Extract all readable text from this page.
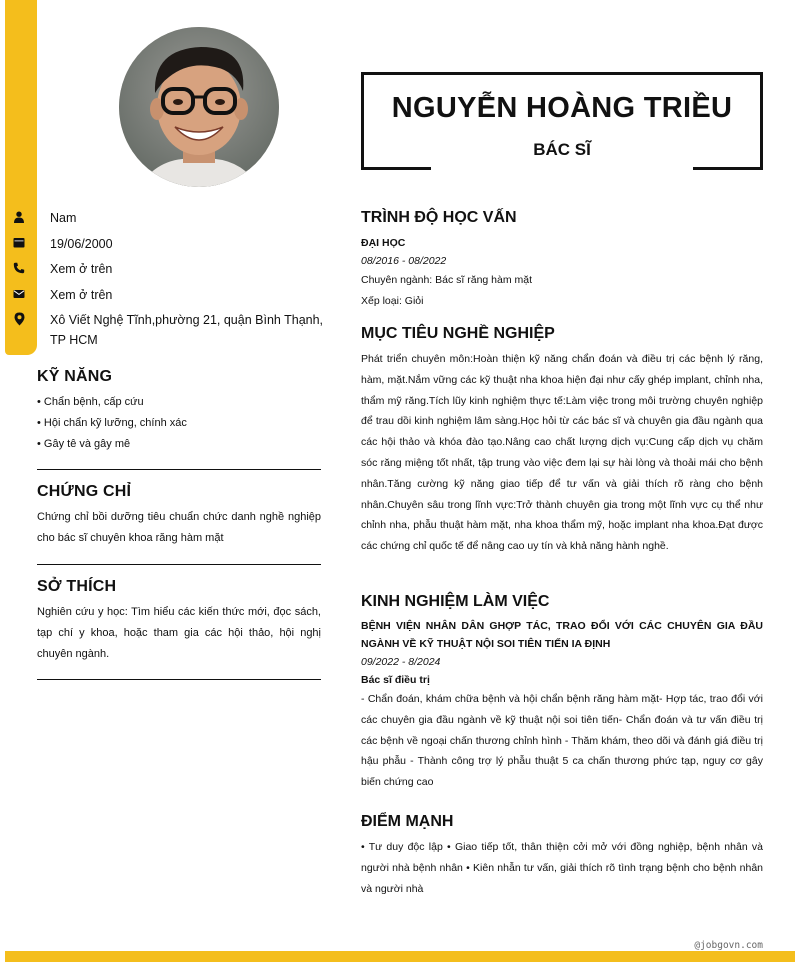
Nam
19/06/2000
Xem ở trên
Xem ở trên
Xô Viết Nghệ Tĩnh,phường 21, quận Bình Thạnh, TP HCM
KỸ NĂNG
• Chẩn bệnh, cấp cứu
• Hội chẩn kỹ lưỡng, chính xác
• Gây tê và gây mê
CHỨNG CHỈ
Chứng chỉ bồi dưỡng tiêu chuẩn chức danh nghề nghiệp cho bác sĩ chuyên khoa răng hàm mặt
SỞ THÍCH
Nghiên cứu y học: Tìm hiểu các kiến thức mới, đọc sách, tạp chí y khoa, hoặc tham gia các hội thảo, hội nghị chuyên ngành.
NGUYỄN HOÀNG TRIỀU
BÁC SĨ
TRÌNH ĐỘ HỌC VẤN
ĐẠI HỌC
08/2016 - 08/2022
Chuyên ngành: Bác sĩ răng hàm mặt
Xếp loại: Giỏi
MỤC TIÊU NGHỀ NGHIỆP
Phát triển chuyên môn:Hoàn thiện kỹ năng chẩn đoán và điều trị các bệnh lý răng, hàm, mặt.Nắm vững các kỹ thuật nha khoa hiện đại như cấy ghép implant, chỉnh nha, thẩm mỹ răng.Tích lũy kinh nghiệm thực tế:Làm việc trong môi trường chuyên nghiệp để trau dồi kinh nghiệm lâm sàng.Học hỏi từ các bác sĩ và chuyên gia đầu ngành qua các hội thảo và khóa đào tạo.Nâng cao chất lượng dịch vụ:Cung cấp dịch vụ chăm sóc răng miệng tốt nhất, tập trung vào việc đem lại sự hài lòng và thoải mái cho bệnh nhân.Tăng cường kỹ năng giao tiếp để tư vấn và giải thích rõ ràng cho bệnh nhân.Chuyên sâu trong lĩnh vực:Trở thành chuyên gia trong một lĩnh vực cụ thể như chỉnh nha, phẫu thuật hàm mặt, nha khoa thẩm mỹ, hoặc implant nha khoa.Đạt được các chứng chỉ quốc tế để nâng cao uy tín và khả năng hành nghề.
KINH NGHIỆM LÀM VIỆC
BỆNH VIỆN NHÂN DÂN GHỢP TÁC, TRAO ĐỔI VỚI CÁC CHUYÊN GIA ĐẦU NGÀNH VỀ KỸ THUẬT NỘI SOI TIÊN TIẾN IA ĐỊNH
09/2022 - 8/2024
Bác sĩ điều trị
- Chẩn đoán, khám chữa bệnh và hội chẩn bệnh răng hàm mặt- Hợp tác, trao đổi với các chuyên gia đầu ngành về kỹ thuật nội soi tiên tiến- Chẩn đoán và tư vấn điều trị các bệnh về ngoại chấn thương chỉnh hình - Thăm khám, theo dõi và đánh giá điều trị hậu phẫu - Thành công trợ lý phẫu thuật 5 ca chấn thương phức tạp, nguy cơ gây biến chứng cao
ĐIỂM MẠNH
• Tư duy độc lập • Giao tiếp tốt, thân thiện cởi mở với đồng nghiệp, bệnh nhân và người nhà bệnh nhân • Kiên nhẫn tư vấn, giải thích rõ tình trạng bệnh cho bệnh nhân và người nhà
@jobgovn.com
